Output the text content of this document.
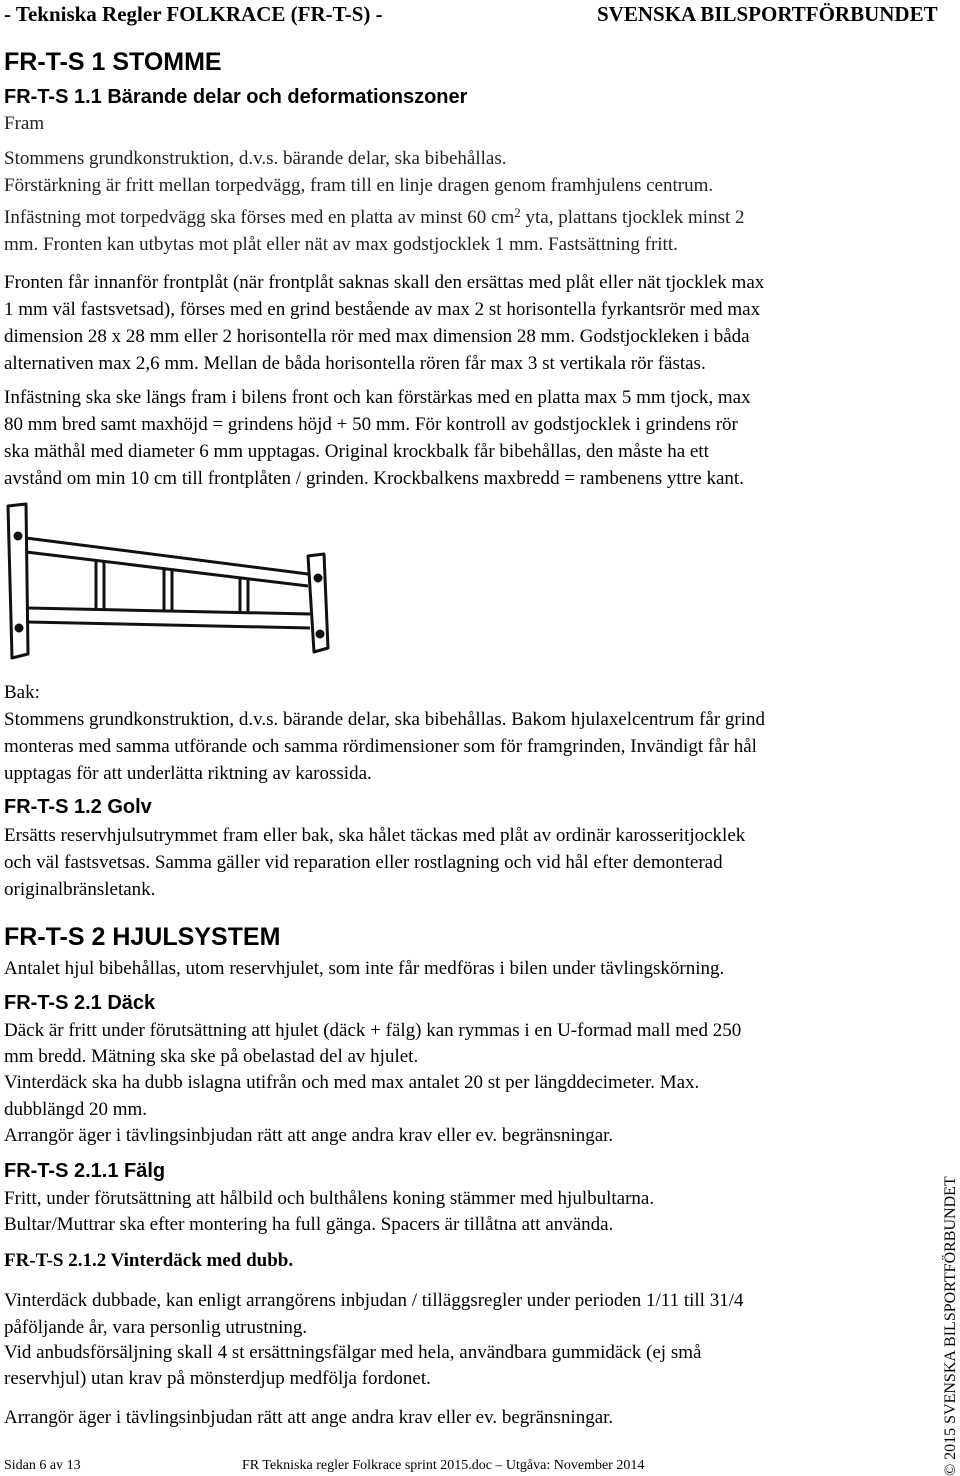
- Tekniska Regler FOLKRACE (FR-T-S) -	SVENSKA BILSPORTFÖRBUNDET
FR-T-S 1 STOMME
FR-T-S 1.1 Bärande delar och deformationszoner
Fram
Stommens grundkonstruktion, d.v.s. bärande delar, ska bibehållas.
Förstärkning är fritt mellan torpedvägg, fram till en linje dragen genom framhjulens centrum.
Infästning mot torpedvägg ska förses med en platta av minst 60 $cm^2$ yta, plattans tjocklek minst 2
mm. Fronten kan utbytas mot plåt eller nät av max godstjocklek 1 mm. Fastsättning fritt.
Fronten får innanför frontplåt (när frontplåt saknas skall den ersättas med plåt eller nät tjocklek max
1 mm väl fastsvetsad), förses med en grind bestående av max 2 st horisontella fyrkantsrör med max
dimension 28 x 28 mm eller 2 horisontella rör med max dimension 28 mm. Godstjockleken i båda
alternativen max 2,6 mm. Mellan de båda horisontella rören får max 3 st vertikala rör fästas.
Infästning ska ske längs fram i bilens front och kan förstärkas med en platta max 5 mm tjock, max
80 mm bred samt maxhöjd = grindens höjd + 50 mm. För kontroll av godstjocklek i grindens rör
ska mäthål med diameter 6 mm upptagas. Original krockbalk får bibehållas, den måste ha ett
avstånd om min 10 cm till frontplåten / grinden. Krockbalkens maxbredd = rambenens yttre kant.
Bak:
Stommens grundkonstruktion, d.v.s. bärande delar, ska bibehållas. Bakom hjulaxelcentrum får grind
monteras med samma utförande och samma rördimensioner som för framgrinden, Invändigt får hål
upptagas för att underlätta riktning av karossida.
FR-T-S 1.2 Golv
Ersätts reservhjulsutrymmet fram eller bak, ska hålet täckas med plåt av ordinär karosseritjocklek
och väl fastsvetsas. Samma gäller vid reparation eller rostlagning och vid hål efter demonterad
originalbränsletank.
FR-T-S 2 HJULSYSTEM
Antalet hjul bibehållas, utom reservhjulet, som inte får medföras i bilen under tävlingskörning.
FR-T-S 2.1 Däck
Däck är fritt under förutsättning att hjulet (däck + fälg) kan rymmas i en U-formad mall med 250
mm bredd. Mätning ska ske på obelastad del av hjulet.
Vinterdäck ska ha dubb islagna utifrån och med max antalet 20 st per längddecimeter. Max.
dubblängd 20 mm.
Arrangör äger i tävlingsinbjudan rätt att ange andra krav eller ev. begränsningar.
FR-T-S 2.1.1 Fälg
Fritt, under förutsättning att hålbild och bulthålens koning stämmer med hjulbultarna.
Bultar/Muttrar ska efter montering ha full gänga. Spacers är tillåtna att använda.
FR-T-S 2.1.2 Vinterdäck med dubb.
Vinterdäck dubbade, kan enligt arrangörens inbjudan / tilläggsregler under perioden 1/11 till 31/4
påföljande år, vara personlig utrustning.
Vid anbudsförsäljning skall 4 st ersättningsfälgar med hela, användbara gummidäck (ej små
reservhjul) utan krav på mönsterdjup medfölja fordonet.
Arrangör äger i tävlingsinbjudan rätt att ange andra krav eller ev. begränsningar.	© 2015 SVENSKA BILSPORTFÖRBUNDET
Sidan 6 av 13	FR Tekniska regler Folkrace sprint 2015.doc – Utgåva: November 2014
